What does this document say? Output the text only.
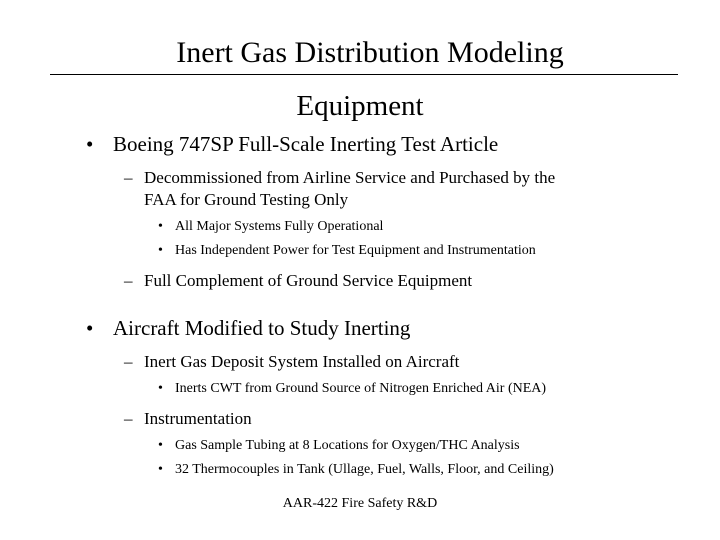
Inert Gas Distribution Modeling
Equipment
• Boeing 747SP Full-Scale Inerting Test Article
– Decommissioned from Airline Service and Purchased by the
FAA for Ground Testing Only
• All Major Systems Fully Operational
• Has Independent Power for Test Equipment and Instrumentation
– Full Complement of Ground Service Equipment
• Aircraft Modified to Study Inerting
– Inert Gas Deposit System Installed on Aircraft
• Inerts CWT from Ground Source of Nitrogen Enriched Air (NEA)
– Instrumentation
• Gas Sample Tubing at 8 Locations for Oxygen/THC Analysis
• 32 Thermocouples in Tank (Ullage, Fuel, Walls, Floor, and Ceiling)
AAR-422 Fire Safety R&D
